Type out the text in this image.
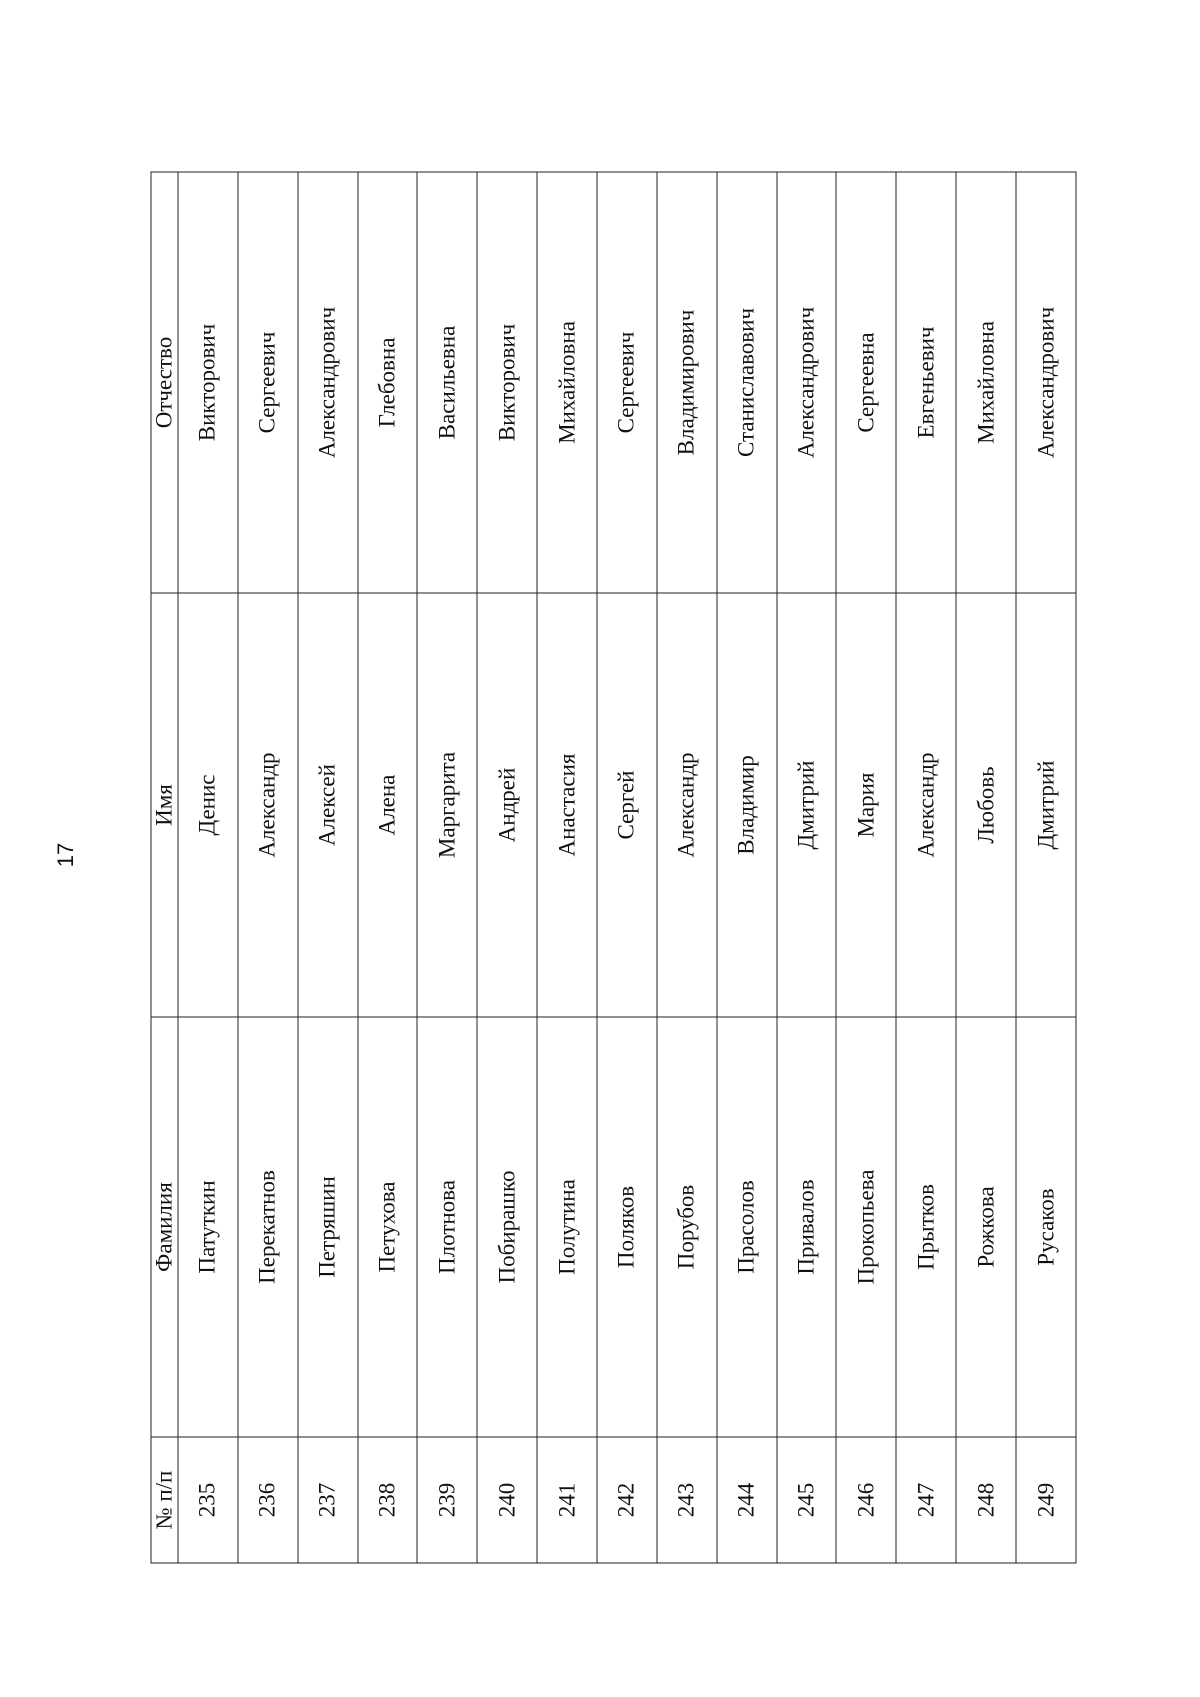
17
№ п/п	Фамилия	Имя	Отчество
235	Патуткин	Денис	Викторович
236	Перекатнов	Александр	Сергеевич
237	Петряшин	Алексей	Александрович
238	Петухова	Алена	Глебовна
239	Плотнова	Маргарита	Васильевна
240	Побирашко	Андрей	Викторович
241	Полутина	Анастасия	Михайловна
242	Поляков	Сергей	Сергеевич
243	Порубов	Александр	Владимирович
244	Прасолов	Владимир	Станиславович
245	Привалов	Дмитрий	Александрович
246	Прокопьева	Мария	Сергеевна
247	Прытков	Александр	Евгеньевич
248	Рожкова	Любовь	Михайловна
249	Русаков	Дмитрий	Александрович
